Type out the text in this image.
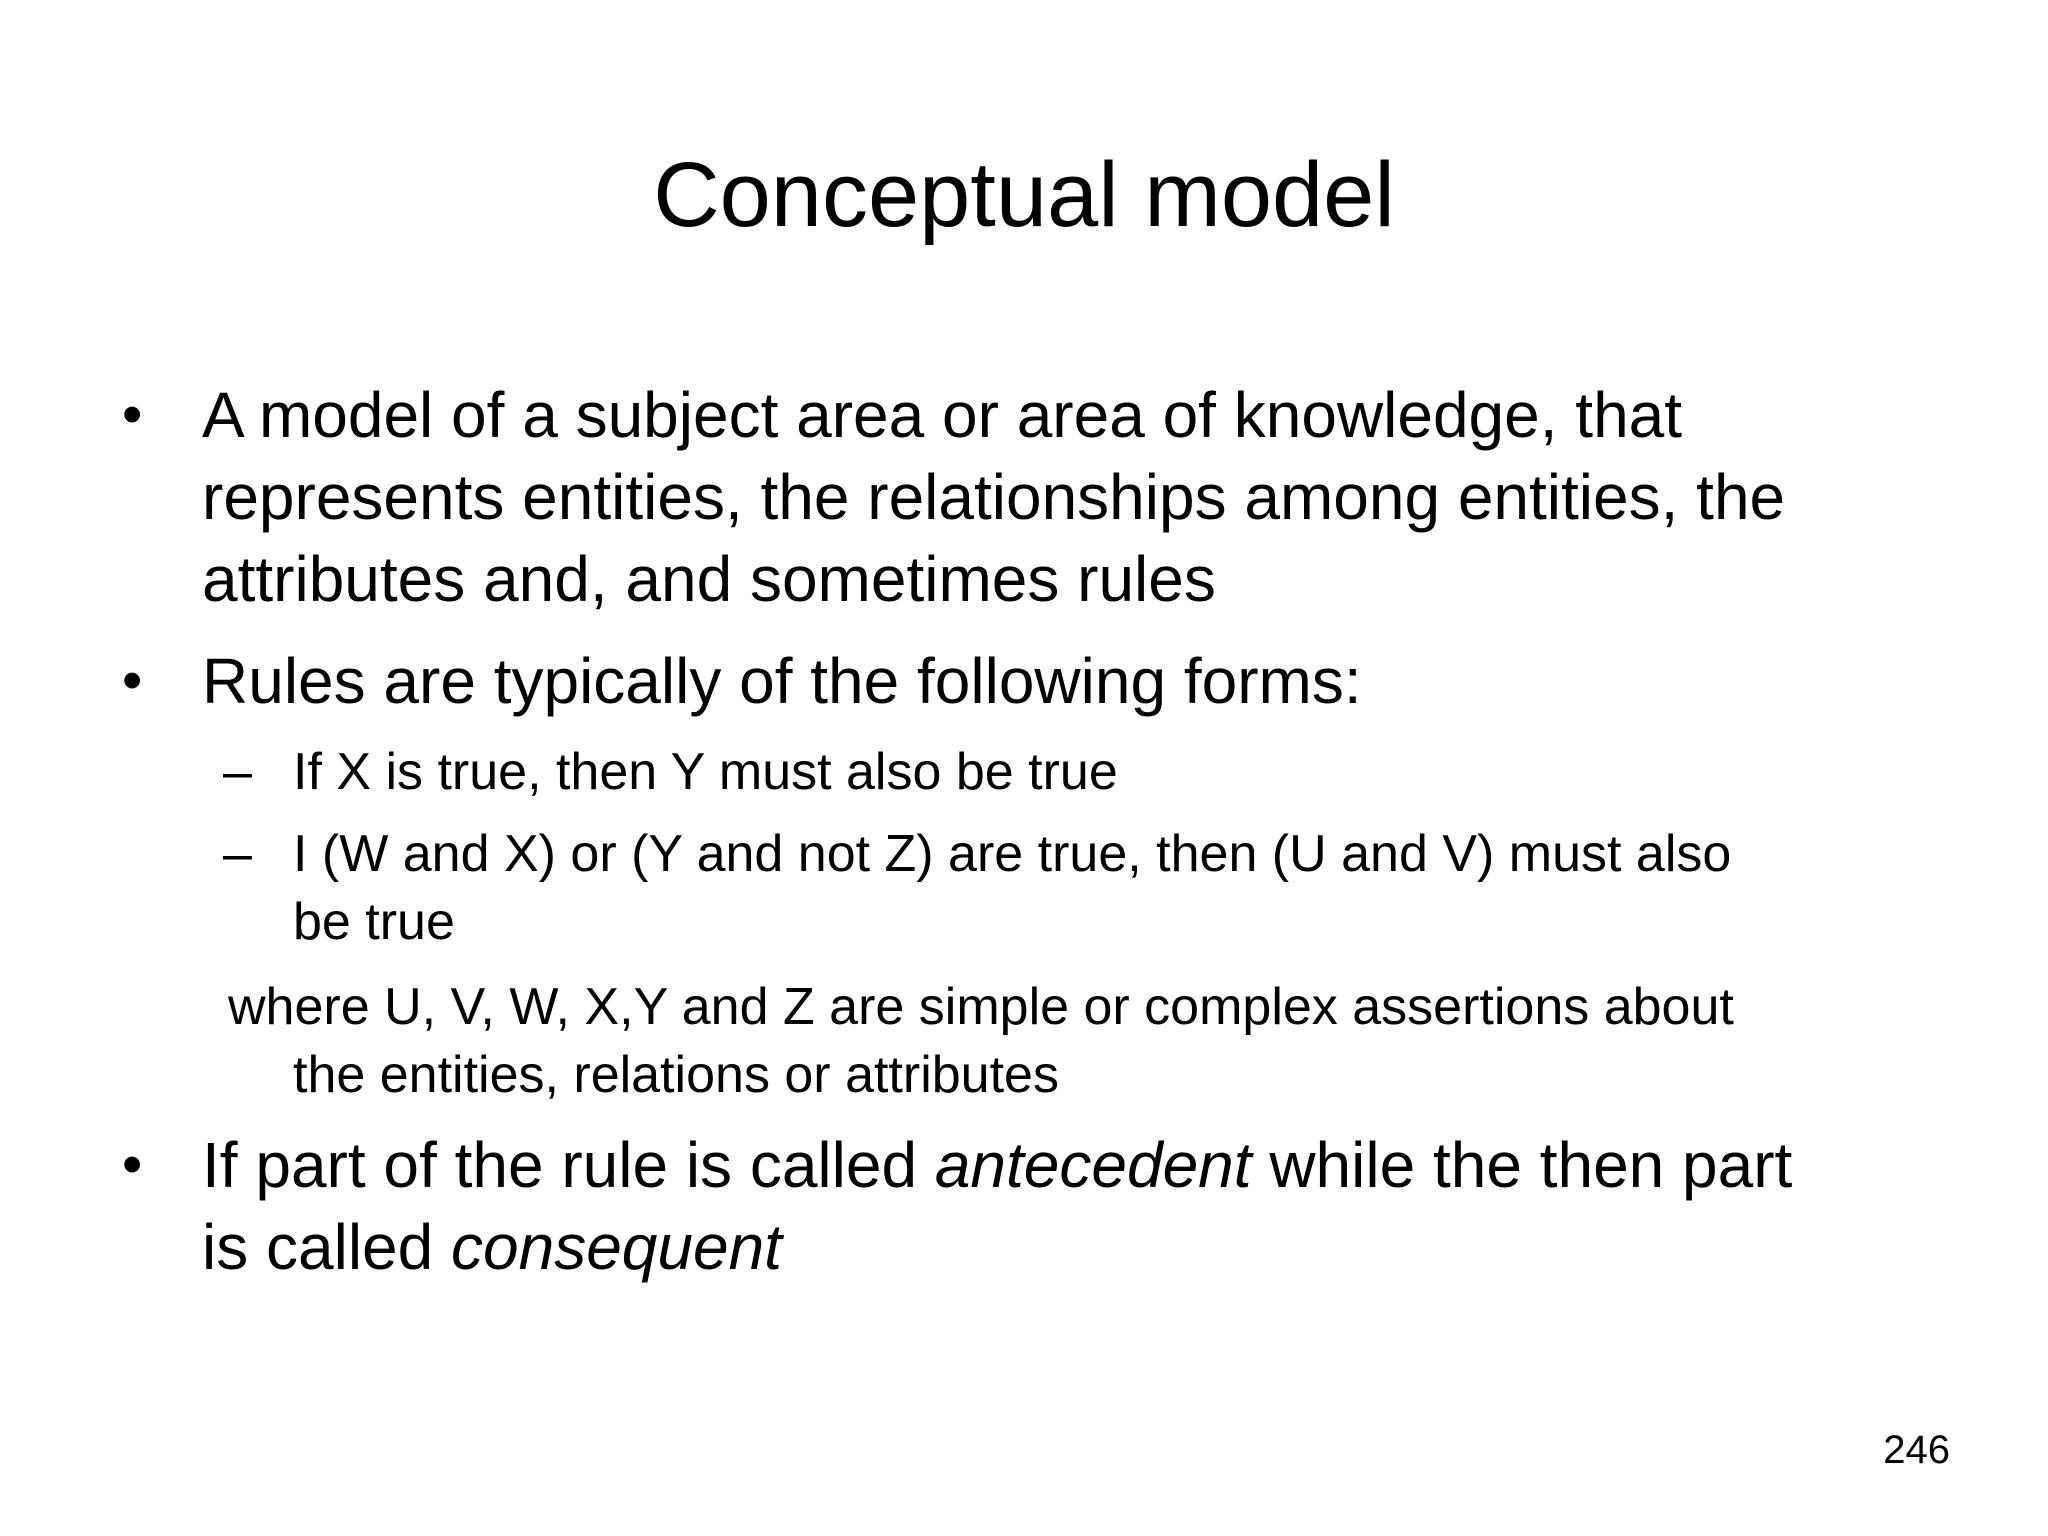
Conceptual model
• A model of a subject area or area of knowledge, that
represents entities, the relationships among entities, the
attributes and, and sometimes rules
• Rules are typically of the following forms:
– If X is true, then Y must also be true
– I (W and X) or (Y and not Z) are true, then (U and V) must also
be true
where U, V, W, X,Y and Z are simple or complex assertions about
the entities, relations or attributes
• If part of the rule is called antecedent while the then part
is called consequent
246
